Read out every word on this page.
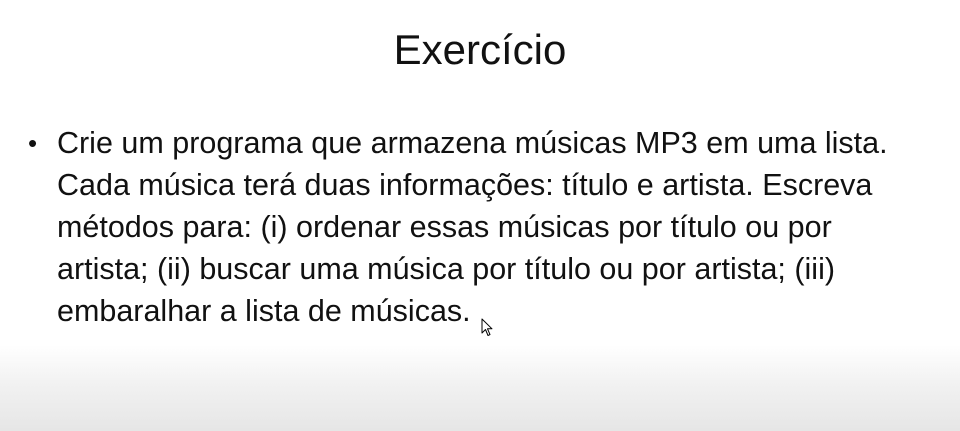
Exercício
• Crie um programa que armazena músicas MP3 em uma lista. Cada música terá duas informações: título e artista. Escreva métodos para: (i) ordenar essas músicas por título ou por artista; (ii) buscar uma música por título ou por artista; (iii) embaralhar a lista de músicas.
